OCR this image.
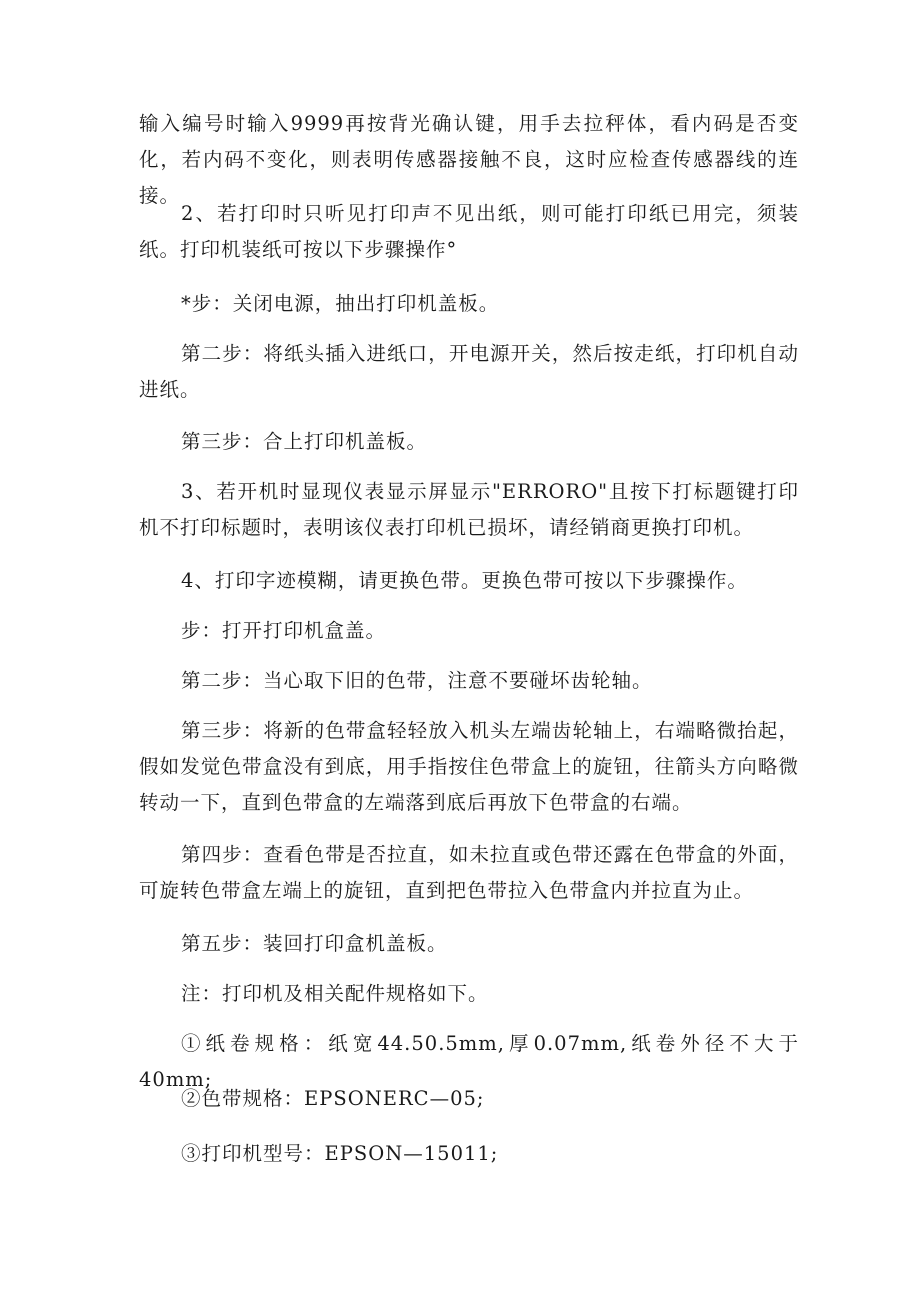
输入编号时输入9999再按背光确认键，用手去拉秤体，看内码是否变化，若内码不变化，则表明传感器接触不良，这时应检查传感器线的连接。

2、若打印时只听见打印声不见出纸，则可能打印纸已用完，须装纸。打印机装纸可按以下步骤操作°

*步：关闭电源，抽出打印机盖板。

第二步：将纸头插入进纸口，开电源开关，然后按走纸，打印机自动进纸。

第三步：合上打印机盖板。

3、若开机时显现仪表显示屏显示"ERRORO"且按下打标题键打印机不打印标题时，表明该仪表打印机已损坏，请经销商更换打印机。

4、打印字迹模糊，请更换色带。更换色带可按以下步骤操作。

步：打开打印机盒盖。

第二步：当心取下旧的色带，注意不要碰坏齿轮轴。

第三步：将新的色带盒轻轻放入机头左端齿轮轴上，右端略微抬起，假如发觉色带盒没有到底，用手指按住色带盒上的旋钮，往箭头方向略微转动一下，直到色带盒的左端落到底后再放下色带盒的右端。

第四步：查看色带是否拉直，如未拉直或色带还露在色带盒的外面，可旋转色带盒左端上的旋钮，直到把色带拉入色带盒内并拉直为止。

第五步：装回打印盒机盖板。

注：打印机及相关配件规格如下。

①纸卷规格：纸宽44.50.5mm,厚0.07mm,纸卷外径不大于40mm;

②色带规格：EPSONERC—05;

③打印机型号：EPSON—15011;
